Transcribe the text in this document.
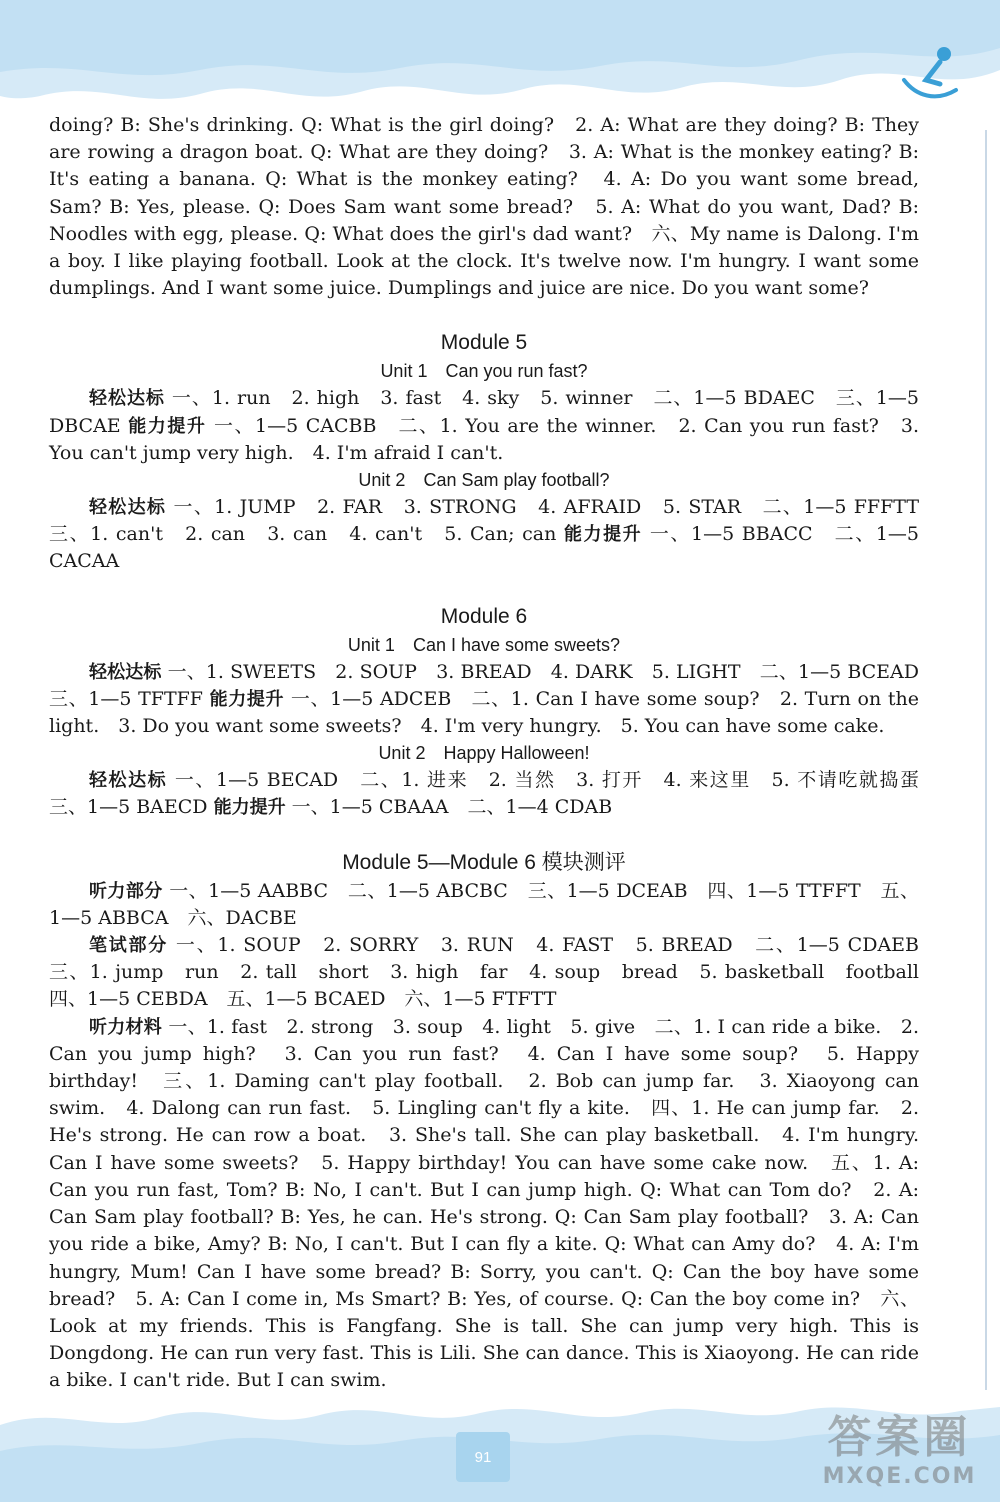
doing? B: She's drinking. Q: What is the girl doing?　2. A: What are they doing? B: They are rowing a dragon boat. Q: What are they doing?　3. A: What is the monkey eating? B: It's eating a banana. Q: What is the monkey eating?　4. A: Do you want some bread, Sam? B: Yes, please. Q: Does Sam want some bread?　5. A: What do you want, Dad? B: Noodles with egg, please. Q: What does the girl's dad want?　六、My name is Dalong. I'm a boy. I like playing football. Look at the clock. It's twelve now. I'm hungry. I want some dumplings. And I want some juice. Dumplings and juice are nice. Do you want some?

Module 5

Unit 1　Can you run fast?

轻松达标 一、1. run　2. high　3. fast　4. sky　5. winner　二、1—5 BDAEC　三、1—5 DBCAE 能力提升 一、1—5 CACBB　二、1. You are the winner.　2. Can you run fast?　3. You can't jump very high.　4. I'm afraid I can't.

Unit 2　Can Sam play football?

轻松达标 一、1. JUMP　2. FAR　3. STRONG　4. AFRAID　5. STAR　二、1—5 FFFTT　三、1. can't　2. can　3. can　4. can't　5. Can; can 能力提升 一、1—5 BBACC　二、1—5 CACAA

Module 6

Unit 1　Can I have some sweets?

轻松达标 一、1. SWEETS　2. SOUP　3. BREAD　4. DARK　5. LIGHT　二、1—5 BCEAD　三、1—5 TFTFF 能力提升 一、1—5 ADCEB　二、1. Can I have some soup?　2. Turn on the light.　3. Do you want some sweets?　4. I'm very hungry.　5. You can have some cake.

Unit 2　Happy Halloween!

轻松达标 一、1—5 BECAD　二、1. 进来　2. 当然　3. 打开　4. 来这里　5. 不请吃就捣蛋　三、1—5 BAECD 能力提升 一、1—5 CBAAA　二、1—4 CDAB

Module 5—Module 6 模块测评

听力部分 一、1—5 AABBC　二、1—5 ABCBC　三、1—5 DCEAB　四、1—5 TTFFT　五、1—5 ABBCA　六、DACBE

笔试部分 一、1. SOUP　2. SORRY　3. RUN　4. FAST　5. BREAD　二、1—5 CDAEB　三、1. jump　run　2. tall　short　3. high　far　4. soup　bread　5. basketball　football　四、1—5 CEBDA　五、1—5 BCAED　六、1—5 FTFTT

听力材料 一、1. fast　2. strong　3. soup　4. light　5. give　二、1. I can ride a bike.　2. Can you jump high?　3. Can you run fast?　4. Can I have some soup?　5. Happy birthday!　三、1. Daming can't play football.　2. Bob can jump far.　3. Xiaoyong can swim.　4. Dalong can run fast.　5. Lingling can't fly a kite.　四、1. He can jump far.　2. He's strong. He can row a boat.　3. She's tall. She can play basketball.　4. I'm hungry. Can I have some sweets?　5. Happy birthday! You can have some cake now.　五、1. A: Can you run fast, Tom? B: No, I can't. But I can jump high. Q: What can Tom do?　2. A: Can Sam play football? B: Yes, he can. He's strong. Q: Can Sam play football?　3. A: Can you ride a bike, Amy? B: No, I can't. But I can fly a kite. Q: What can Amy do?　4. A: I'm hungry, Mum! Can I have some bread? B: Sorry, you can't. Q: Can the boy have some bread?　5. A: Can I come in, Ms Smart? B: Yes, of course. Q: Can the boy come in?　六、Look at my friends. This is Fangfang. She is tall. She can jump very high. This is Dongdong. He can run very fast. This is Lili. She can dance. This is Xiaoyong. He can ride a bike. I can't ride. But I can swim.

91	答案圈
MXQE.COM
